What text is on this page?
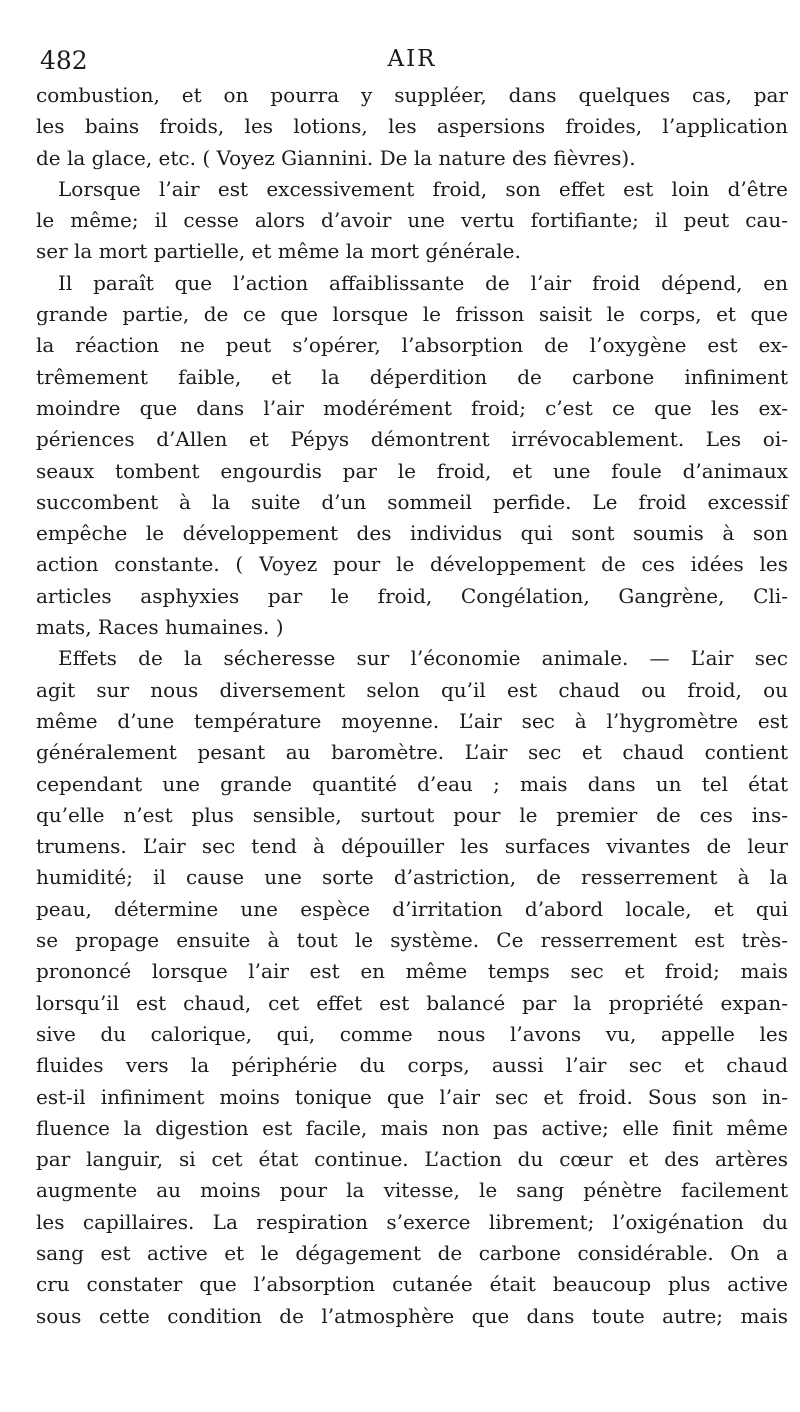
482	AIR
combustion, et on pourra y suppléer, dans quelques cas, par
les bains froids, les lotions, les aspersions froides, l’application
de la glace, etc. ( Voyez Giannini. De la nature des fièvres).
Lorsque l’air est excessivement froid, son effet est loin d’être
le même; il cesse alors d’avoir une vertu fortifiante; il peut cau-
ser la mort partielle, et même la mort générale.
Il paraît que l’action affaiblissante de l’air froid dépend, en
grande partie, de ce que lorsque le frisson saisit le corps, et que
la réaction ne peut s’opérer, l’absorption de l’oxygène est ex-
trêmement faible, et la déperdition de carbone infiniment
moindre que dans l’air modérément froid; c’est ce que les ex-
périences d’Allen et Pépys démontrent irrévocablement. Les oi-
seaux tombent engourdis par le froid, et une foule d’animaux
succombent à la suite d’un sommeil perfide. Le froid excessif
empêche le développement des individus qui sont soumis à son
action constante. ( Voyez pour le développement de ces idées les
articles asphyxies par le froid, Congélation, Gangrène, Cli-
mats, Races humaines. )
Effets de la sécheresse sur l’économie animale. — L’air sec
agit sur nous diversement selon qu’il est chaud ou froid, ou
même d’une température moyenne. L’air sec à l’hygromètre est
généralement pesant au baromètre. L’air sec et chaud contient
cependant une grande quantité d’eau ; mais dans un tel état
qu’elle n’est plus sensible, surtout pour le premier de ces ins-
trumens. L’air sec tend à dépouiller les surfaces vivantes de leur
humidité; il cause une sorte d’astriction, de resserrement à la
peau, détermine une espèce d’irritation d’abord locale, et qui
se propage ensuite à tout le système. Ce resserrement est très-
prononcé lorsque l’air est en même temps sec et froid; mais
lorsqu’il est chaud, cet effet est balancé par la propriété expan-
sive du calorique, qui, comme nous l’avons vu, appelle les
fluides vers la périphérie du corps, aussi l’air sec et chaud
est-il infiniment moins tonique que l’air sec et froid. Sous son in-
fluence la digestion est facile, mais non pas active; elle finit même
par languir, si cet état continue. L’action du cœur et des artères
augmente au moins pour la vitesse, le sang pénètre facilement
les capillaires. La respiration s’exerce librement; l’oxigénation du
sang est active et le dégagement de carbone considérable. On a
cru constater que l’absorption cutanée était beaucoup plus active
sous cette condition de l’atmosphère que dans toute autre; mais
